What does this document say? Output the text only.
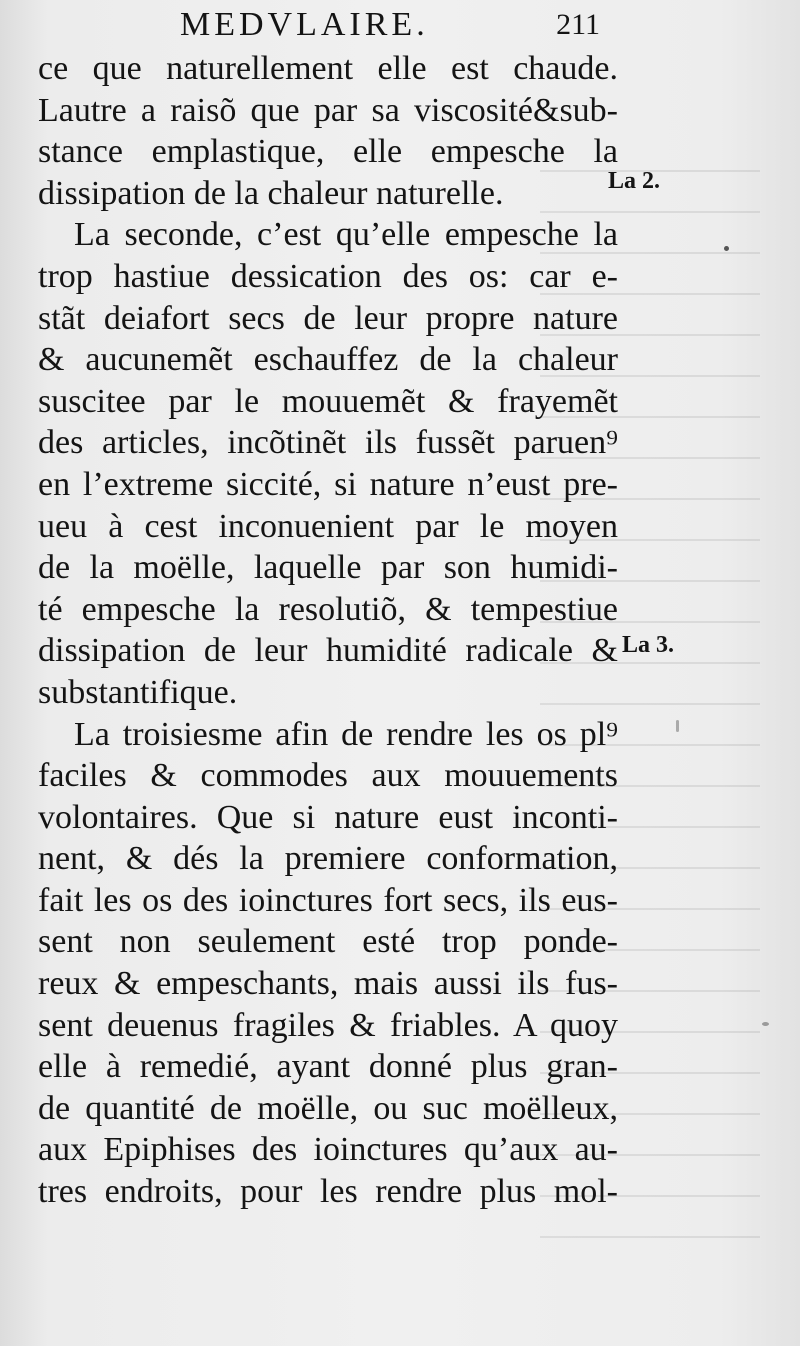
MEDVLAIRE.	211
ce que naturellement elle est chaude.
Lautre a raisõ que par sa viscosité&sub-
stance emplastique, elle empesche la
dissipation de la chaleur naturelle.
La seconde, c’est qu’elle empesche la
trop hastiue dessication des os: car e-
stãt deiafort secs de leur propre nature
& aucunemẽt eschauffez de la chaleur
suscitee par le mouuemẽt & frayemẽt
des articles, incõtinẽt ils fussẽt paruen⁹
en l’extreme siccité, si nature n’eust pre-
ueu à cest inconuenient par le moyen
de la moëlle, laquelle par son humidi-
té empesche la resolutiõ, & tempestiue
dissipation de leur humidité radicale &
substantifique.
La troisiesme afin de rendre les os pl⁹
faciles & commodes aux mouuements
volontaires. Que si nature eust inconti-
nent, & dés la premiere conformation,
fait les os des ioinctures fort secs, ils eus-
sent non seulement esté trop ponde-
reux & empeschants, mais aussi ils fus-
sent deuenus fragiles & friables. A quoy
elle à remedié, ayant donné plus gran-
de quantité de moëlle, ou suc moëlleux,
aux Epiphises des ioinctures qu’aux au-
tres endroits, pour les rendre plus mol-
La 2.
La 3.
